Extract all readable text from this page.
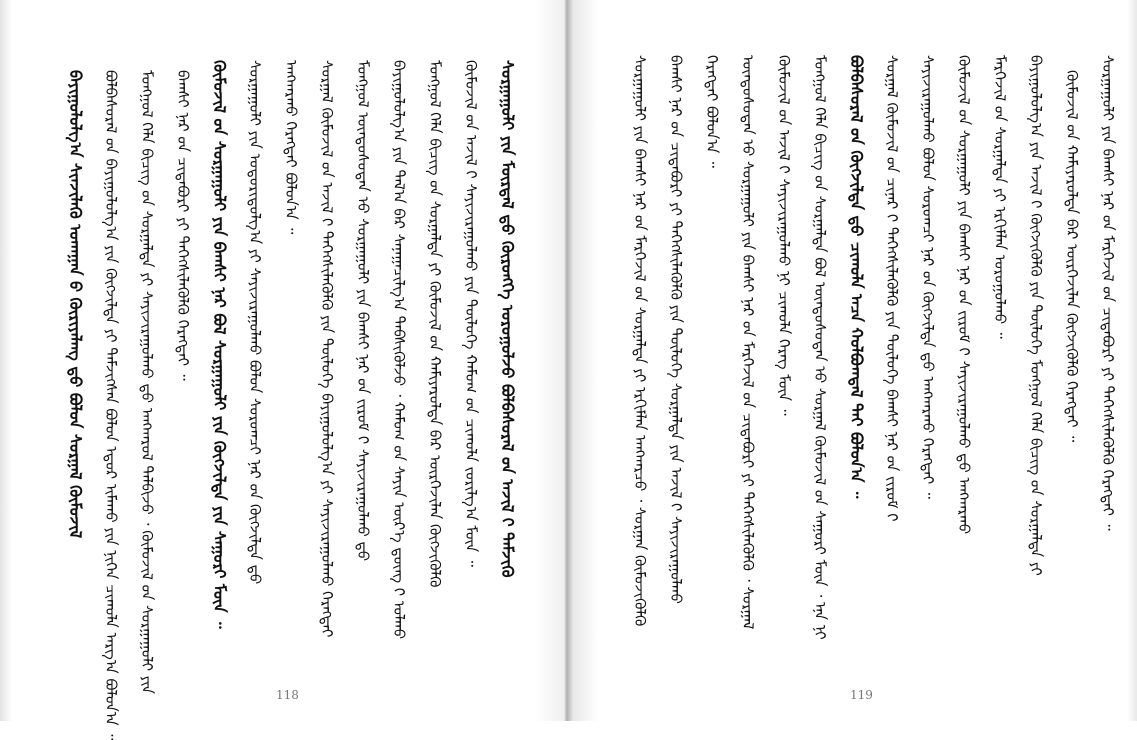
ᠪᠠᠶᠢᠭᠤᠯᠤᠯᠭ᠎ᠠ ᠰᠢᠨᠵᠢᠯᠡᠬᠦ ᠤᠬᠠᠭᠠᠨ ᠤ᠋ ᠬᠦᠷᠢᠶᠡᠯᠡᠩ ᠳ᠋ᠤ᠌ ᠪᠤᠯᠤᠨ ᠰᠤᠷᠭᠠᠯ ᠬᠦᠮᠦᠵᠢᠯ ᠪᠣᠯᠪᠠᠰᠤᠷᠠᠯ ᠤ᠋ᠨ ᠪᠠᠶᠢᠭᠤᠯᠤᠯᠭ᠎ᠠ ᠶᠢᠨ ᠬᠥᠭᠵᠢᠯᠲᠡ ᠶᠢ ᠳᠡᠮᠵᠢᠭᠰᠡᠨ ᠪᠣᠯᠤᠨ ᠡᠳᠦᠷ ᠢᠮᠠᠬᠤ ᠶᠢᠨ ᠨᠢᠭᠡᠨ ᠴᠢᠬᠤᠯᠠ ᠠᠷᠭ᠎ᠠ ᠪᠤᠯᠤᠨ᠎ᠠ ᠃ ᠮᠣᠩᠭᠣᠯ ᠬᠡᠯᠡ ᠪᠢᠴᠢᠭ ᠦ᠋ᠨ ᠰᠤᠷᠭᠠᠯᠳᠠ ᠶᠢ ᠰᠠᠶᠢᠵᠢᠷᠠᠭᠤᠯᠬᠤ ᠳ᠋ᠤ᠌ ᠠᠩᠬᠠᠷᠤᠯ ᠲᠠᠯᠪᠢᠵᠤ ᠂ ᠬᠦᠮᠦᠵᠢᠯ ᠦ᠋ᠨ ᠰᠤᠷᠭᠠᠭᠤᠯᠢ ᠶᠢᠨ ᠪᠠᠭᠰᠢ ᠨᠠᠷ ᠤ᠋ᠨ ᠴᠢᠳᠠᠪᠤᠷᠢ ᠶᠢ ᠳᠡᠭᠡᠭᠰᠢᠯᠡᠭᠦᠯᠬᠦ ᠬᠡᠷᠡᠭᠲᠡᠶ ᠃ ᠬᠦᠮᠦᠵᠢᠯ ᠦ᠋ᠨ ᠰᠤᠷᠭᠠᠭᠤᠯᠢ ᠶᠢᠨ ᠪᠠᠭᠰᠢ ᠨᠠᠷ ᠪᠣᠯ ᠰᠤᠷᠭᠠᠭᠤᠯᠢ ᠶᠢᠨ ᠬᠥᠭᠵᠢᠯᠲᠡ ᠶᠢᠨ ᠰᠠᠭᠤᠷᠢ ᠮᠦᠨ ᠃ ᠰᠤᠷᠭᠠᠭᠤᠯᠢ ᠶᠢᠨ ᠤᠳᠤᠷᠢᠳᠤᠯᠭ᠎ᠠ ᠶᠢ ᠰᠠᠶᠢᠵᠢᠷᠠᠭᠤᠯᠬᠤ ᠪᠣᠯᠤᠨ ᠰᠤᠷᠤᠭᠴᠢ ᠨᠠᠷ ᠤ᠋ᠨ ᠬᠥᠭᠵᠢᠯᠲᠡ ᠳ᠋ᠤ᠌ ᠠᠩᠬᠠᠷᠬᠤ ᠬᠡᠷᠡᠭᠲᠡᠶ ᠪᠣᠯᠤᠨ᠎ᠠ ᠃ ᠰᠤᠷᠭᠠᠯ ᠬᠦᠮᠦᠵᠢᠯ ᠦ᠋ᠨ ᠠᠵᠢᠯ ᠢ᠋ ᠳᠡᠭᠡᠭᠰᠢᠯᠡᠭᠦᠯᠬᠦ ᠶᠢᠨ ᠲᠥᠯᠦᠭᠡ ᠪᠠᠶᠢᠭᠤᠯᠤᠯᠭ᠎ᠠ ᠶᠢ ᠰᠠᠶᠢᠵᠢᠷᠠᠭᠤᠯᠬᠤ ᠬᠡᠷᠡᠭᠲᠡᠶ ᠮᠣᠩᠭᠣᠯ ᠦᠨᠳᠦᠰᠦᠲᠡᠨ ᠦ᠋ ᠰᠤᠷᠭᠠᠭᠤᠯᠢ ᠶᠢᠨ ᠪᠠᠭᠰᠢ ᠨᠠᠷ ᠤ᠋ᠨ ᠵᠢᠷᠤᠮ ᠢ᠋ ᠰᠠᠶᠢᠵᠢᠷᠠᠭᠤᠯᠬᠤ ᠳ᠋ᠤ᠌ ᠪᠠᠶᠢᠭᠤᠯᠤᠯᠭ᠎ᠠ ᠶᠢᠨ ᠲᠠᠯ᠎ᠠ ᠪᠠᠷ ᠰᠠᠨᠠᠭᠠᠴᠢᠯᠭ᠎ᠠ ᠳᠡᠪᠰᠢᠭᠦᠯᠵᠦ ᠂ ᠬᠠᠮᠤᠭ ᠤ᠋ᠨ ᠰᠠᠶᠢᠨ ᠦᠷ᠎ᠡ ᠳ᠋ᠦᠩ ᠢ᠋ ᠣᠯᠬᠤ ᠮᠣᠩᠭᠣᠯ ᠬᠡᠯᠡ ᠪᠢᠴᠢᠭ ᠦ᠋ᠨ ᠰᠤᠷᠭᠠᠯᠳᠠ ᠶᠢ ᠬᠦᠮᠦᠵᠢᠯ ᠦ᠋ᠨ ᠬᠠᠮᠢᠶᠠᠷᠤᠯᠲᠠ ᠪᠠᠷ ᠦᠷᠭᠡᠵᠢᠯᠡᠨ ᠬᠥᠭᠵᠢᠭᠦᠯᠬᠦ ᠬᠦᠮᠦᠵᠢᠯ ᠦ᠋ᠨ ᠠᠵᠢᠯ ᠢ᠋ ᠰᠠᠶᠢᠵᠢᠷᠠᠭᠤᠯᠬᠤ ᠶᠢᠨ ᠲᠥᠯᠦᠭᠡ ᠬᠠᠮᠤᠭ ᠤ᠋ᠨ ᠴᠢᠬᠤᠯᠠ ᠵᠣᠷᠢᠯᠭ᠎ᠠ ᠮᠦᠨ ᠃ ᠰᠤᠷᠭᠠᠭᠤᠯᠢ ᠶᠢᠨ ᠮᠥᠷᠳᠡᠯ ᠳ᠋ᠦ᠍ ᠬᠥᠷᠦᠩᠭᠡ ᠣᠷᠣᠭᠤᠯᠵᠤ ᠪᠣᠯᠪᠠᠰᠤᠷᠠᠯ ᠤ᠋ᠨ ᠠᠵᠢᠯ ᠢ᠋ ᠳᠡᠮᠵᠢᠬᠦ
118
ᠰᠤᠷᠭᠠᠭᠤᠯᠢ ᠶᠢᠨ ᠪᠠᠭᠰᠢ ᠨᠠᠷ ᠤ᠋ᠨ ᠮᠡᠷᠭᠡᠵᠢᠯ ᠦ᠋ᠨ ᠰᠤᠷᠭᠠᠯᠳᠠ ᠶᠢ ᠡᠷᠬᠢᠮᠯᠡᠨ ᠠᠩᠬᠠᠷᠴᠤ ᠂ ᠰᠤᠷᠭᠠᠨ ᠬᠦᠮᠦᠵᠢᠭᠦᠯᠬᠦ ᠪᠠᠭᠰᠢ ᠨᠠᠷ ᠤ᠋ᠨ ᠴᠢᠳᠠᠪᠤᠷᠢ ᠶᠢ ᠳᠡᠭᠡᠭᠰᠢᠯᠡᠭᠦᠯᠬᠦ ᠶᠢᠨ ᠲᠥᠯᠦᠭᠡ ᠰᠤᠷᠭᠠᠯᠳᠠ ᠶᠢᠨ ᠠᠵᠢᠯ ᠢ᠋ ᠰᠠᠶᠢᠵᠢᠷᠠᠭᠤᠯᠬᠤ ᠬᠡᠷᠡᠭᠲᠡᠶ ᠪᠣᠯᠤᠨ᠎ᠠ ᠃ ᠦᠨᠳᠦᠰᠦᠲᠡᠨ ᠦ᠋ ᠰᠤᠷᠭᠠᠭᠤᠯᠢ ᠶᠢᠨ ᠪᠠᠭᠰᠢ ᠨᠠᠷ ᠤ᠋ᠨ ᠮᠡᠷᠭᠡᠵᠢᠯ ᠦ᠋ᠨ ᠴᠢᠳᠠᠪᠤᠷᠢ ᠶᠢ ᠳᠡᠭᠡᠭᠰᠢᠯᠡᠭᠦᠯᠬᠦ ᠂ ᠰᠤᠷᠭᠠᠯ ᠬᠦᠮᠦᠵᠢᠯ ᠦ᠋ᠨ ᠠᠵᠢᠯ ᠢ᠋ ᠰᠠᠶᠢᠵᠢᠷᠠᠭᠤᠯᠬᠤ ᠨᠢ ᠴᠢᠬᠤᠯᠠ ᠬᠡᠷᠡᠭ ᠮᠦᠨ ᠃ ᠮᠣᠩᠭᠣᠯ ᠬᠡᠯᠡ ᠪᠢᠴᠢᠭ ᠦ᠋ᠨ ᠰᠤᠷᠭᠠᠯᠳᠠ ᠪᠣᠯ ᠦᠨᠳᠦᠰᠦᠲᠡᠨ ᠦ᠋ ᠰᠤᠷᠭᠠᠯ ᠬᠦᠮᠦᠵᠢᠯ ᠦ᠋ᠨ ᠰᠠᠭᠤᠷᠢ ᠮᠦᠨ ᠂ ᠡᠨᠡ ᠨᠢ ᠪᠣᠯᠪᠠᠰᠤᠷᠠᠯ ᠤ᠋ᠨ ᠬᠥᠭᠵᠢᠯᠲᠡ ᠳ᠋ᠦ᠍ ᠴᠢᠬᠤᠯᠠ ᠠᠴᠠ ᠬᠣᠯᠪᠣᠭᠳᠠᠯ ᠲᠠᠶ ᠪᠣᠯᠤᠨ᠎ᠠ ᠃ ᠰᠤᠷᠭᠠᠯ ᠬᠦᠮᠦᠵᠢᠯ ᠦ᠋ᠨ ᠴᠢᠨᠠᠷ ᠢ᠋ ᠳᠡᠭᠡᠭᠰᠢᠯᠡᠭᠦᠯᠬᠦ ᠶᠢᠨ ᠲᠥᠯᠦᠭᠡ ᠪᠠᠭᠰᠢ ᠨᠠᠷ ᠤ᠋ᠨ ᠵᠢᠷᠤᠮ ᠢ᠋ ᠰᠠᠶᠢᠵᠢᠷᠠᠭᠤᠯᠬᠤ ᠪᠣᠯᠤᠨ ᠰᠤᠷᠤᠭᠴᠢ ᠨᠠᠷ ᠤ᠋ᠨ ᠬᠥᠭᠵᠢᠯᠲᠡ ᠳ᠋ᠦ᠍ ᠠᠩᠬᠠᠷᠬᠤ ᠬᠡᠷᠡᠭᠲᠡᠶ ᠃ ᠬᠦᠮᠦᠵᠢᠯ ᠦ᠋ᠨ ᠰᠤᠷᠭᠠᠭᠤᠯᠢ ᠶᠢᠨ ᠪᠠᠭᠰᠢ ᠨᠠᠷ ᠤ᠋ᠨ ᠵᠢᠷᠤᠮ ᠢ᠋ ᠰᠠᠶᠢᠵᠢᠷᠠᠭᠤᠯᠬᠤ ᠳ᠋ᠤ᠌ ᠠᠩᠬᠠᠷᠬᠤ ᠮᠡᠷᠭᠡᠵᠢᠯ ᠦ᠋ᠨ ᠰᠤᠷᠭᠠᠯᠳᠠ ᠶᠢ ᠡᠷᠬᠢᠮᠯᠡᠨ ᠣᠷᠣᠭᠤᠯᠬᠤ ᠃ ᠪᠠᠶᠢᠭᠤᠯᠤᠯᠭ᠎ᠠ ᠶᠢᠨ ᠠᠵᠢᠯ ᠢ᠋ ᠬᠥᠭᠵᠢᠭᠦᠯᠬᠦ ᠶᠢᠨ ᠲᠥᠯᠦᠭᠡ ᠮᠣᠩᠭᠣᠯ ᠬᠡᠯᠡ ᠪᠢᠴᠢᠭ ᠦ᠋ᠨ ᠰᠤᠷᠭᠠᠯᠳᠠ ᠶᠢ ᠬᠦᠮᠦᠵᠢᠯ ᠦ᠋ᠨ ᠬᠠᠮᠢᠶᠠᠷᠤᠯᠲᠠ ᠪᠠᠷ ᠦᠷᠭᠡᠵᠢᠯᠡᠨ ᠬᠥᠭᠵᠢᠭᠦᠯᠬᠦ ᠬᠡᠷᠡᠭᠲᠡᠶ ᠃ ᠰᠤᠷᠭᠠᠭᠤᠯᠢ ᠶᠢᠨ ᠪᠠᠭᠰᠢ ᠨᠠᠷ ᠤ᠋ᠨ ᠮᠡᠷᠭᠡᠵᠢᠯ ᠦ᠋ᠨ ᠴᠢᠳᠠᠪᠤᠷᠢ ᠶᠢ ᠳᠡᠭᠡᠭᠰᠢᠯᠡᠭᠦᠯᠬᠦ ᠬᠡᠷᠡᠭᠲᠡᠶ ᠃
119
